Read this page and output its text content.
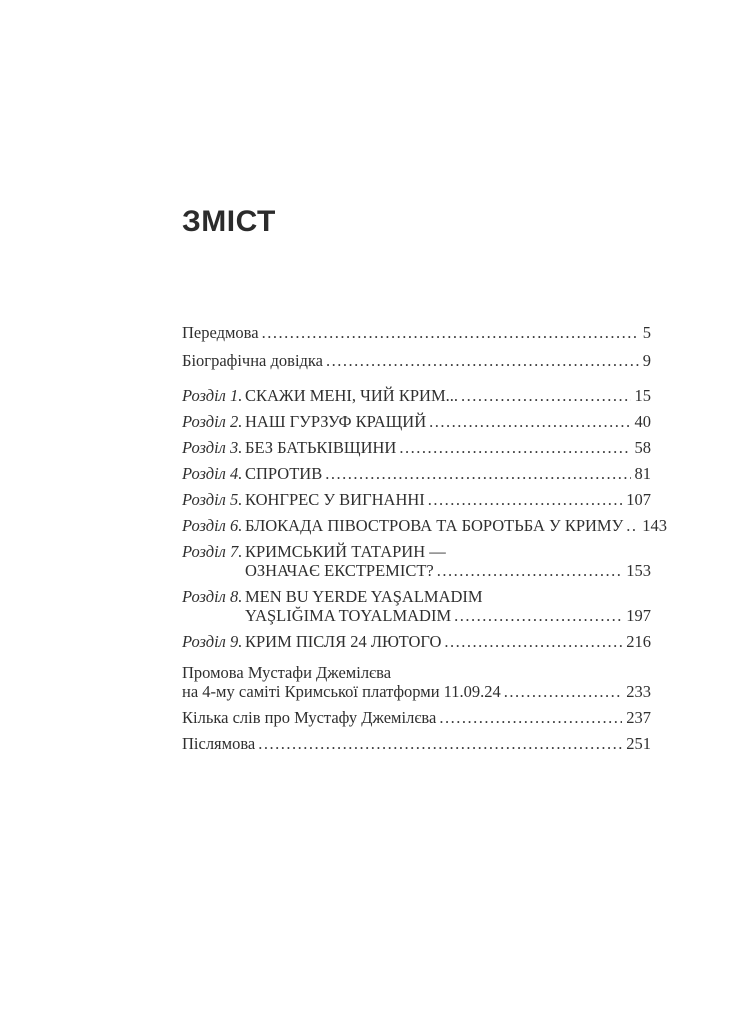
ЗМІСТ
Передмова .....	5
Біографічна довідка .....	9
Розділ 1. СКАЖИ МЕНІ, ЧИЙ КРИМ... .....	15
Розділ 2. НАШ ГУРЗУФ КРАЩИЙ .....	40
Розділ 3. БЕЗ БАТЬКІВЩИНИ .....	58
Розділ 4. СПРОТИВ .....	81
Розділ 5. КОНГРЕС У ВИГНАННІ .....	107
Розділ 6. БЛОКАДА ПІВОСТРОВА ТА БОРОТЬБА У КРИМУ ..... 143
Розділ 7. КРИМСЬКИЙ ТАТАРИН —
ОЗНАЧАЄ ЕКСТРЕМІСТ? .....	153
Розділ 8. MEN BU YERDE YAŞALMADIM
YAŞLIĞIMA TOYALMADIM .....	197
Розділ 9. КРИМ ПІСЛЯ 24 ЛЮТОГО .....	216
Промова Мустафи Джемілєва
на 4-му саміті Кримської платформи 11.09.24 .....	233
Кілька слів про Мустафу Джемілєва .....	237
Післямова .....	251
